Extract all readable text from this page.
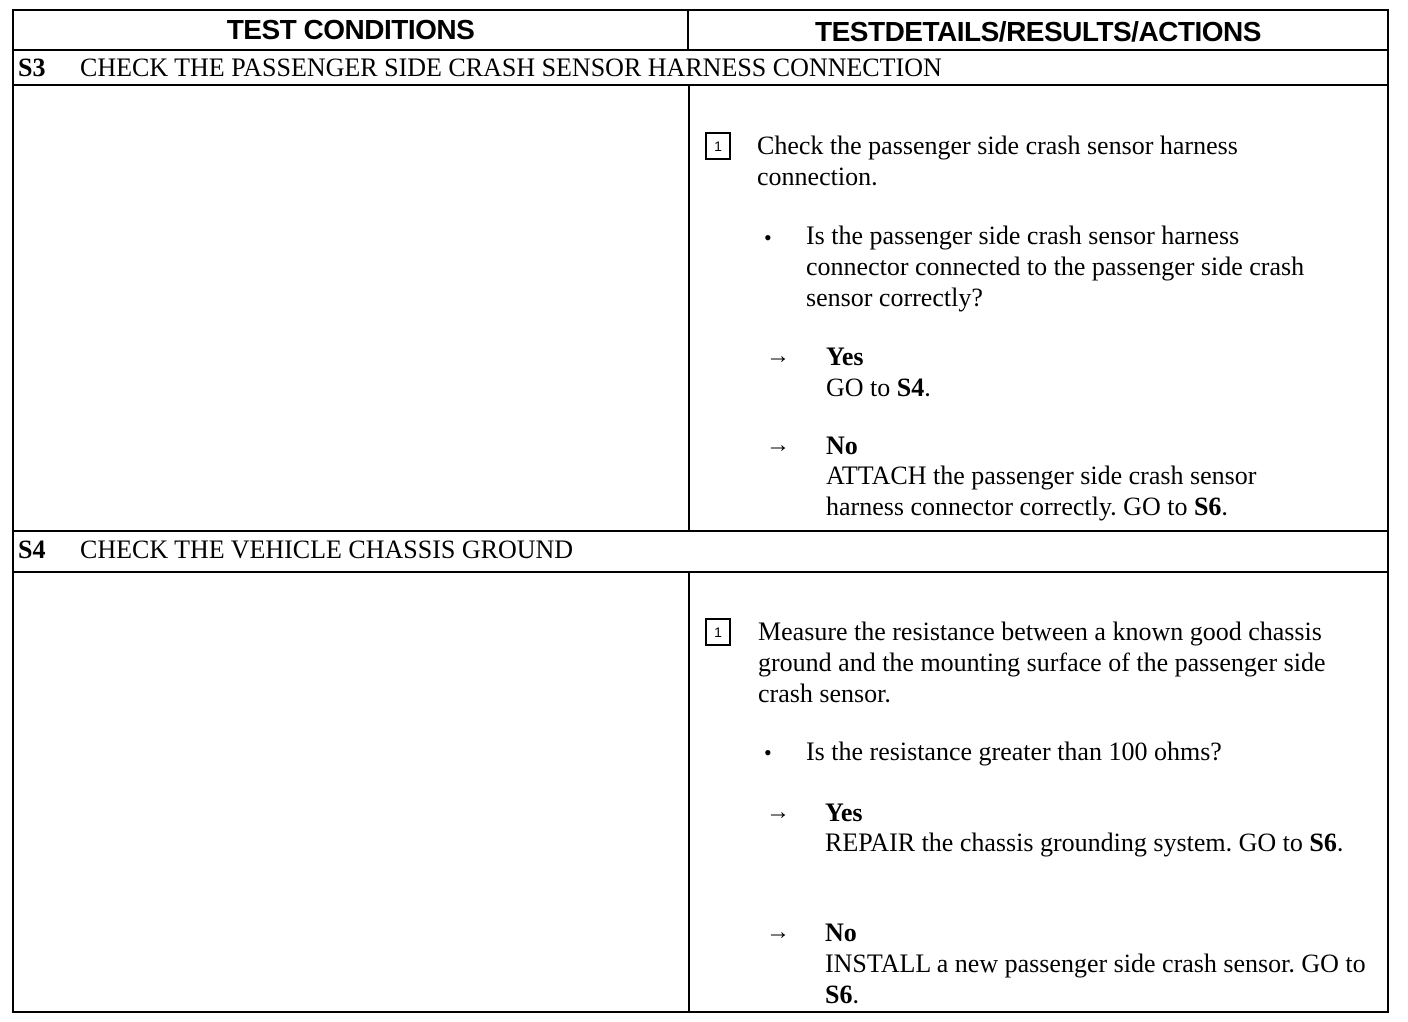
TEST CONDITIONS	TESTDETAILS/RESULTS/ACTIONS
S3 CHECK THE PASSENGER SIDE CRASH SENSOR HARNESS CONNECTION
1	Check the passenger side crash sensor harness connection.
• Is the passenger side crash sensor harness connector connected to the passenger side crash sensor correctly?
→ Yes
GO to S4.
→ No
ATTACH the passenger side crash sensor harness connector correctly. GO to S6.
S4 CHECK THE VEHICLE CHASSIS GROUND
1	Measure the resistance between a known good chassis ground and the mounting surface of the passenger side crash sensor.
• Is the resistance greater than 100 ohms?
→ Yes
REPAIR the chassis grounding system. GO to S6.
→ No
INSTALL a new passenger side crash sensor. GO to S6.
